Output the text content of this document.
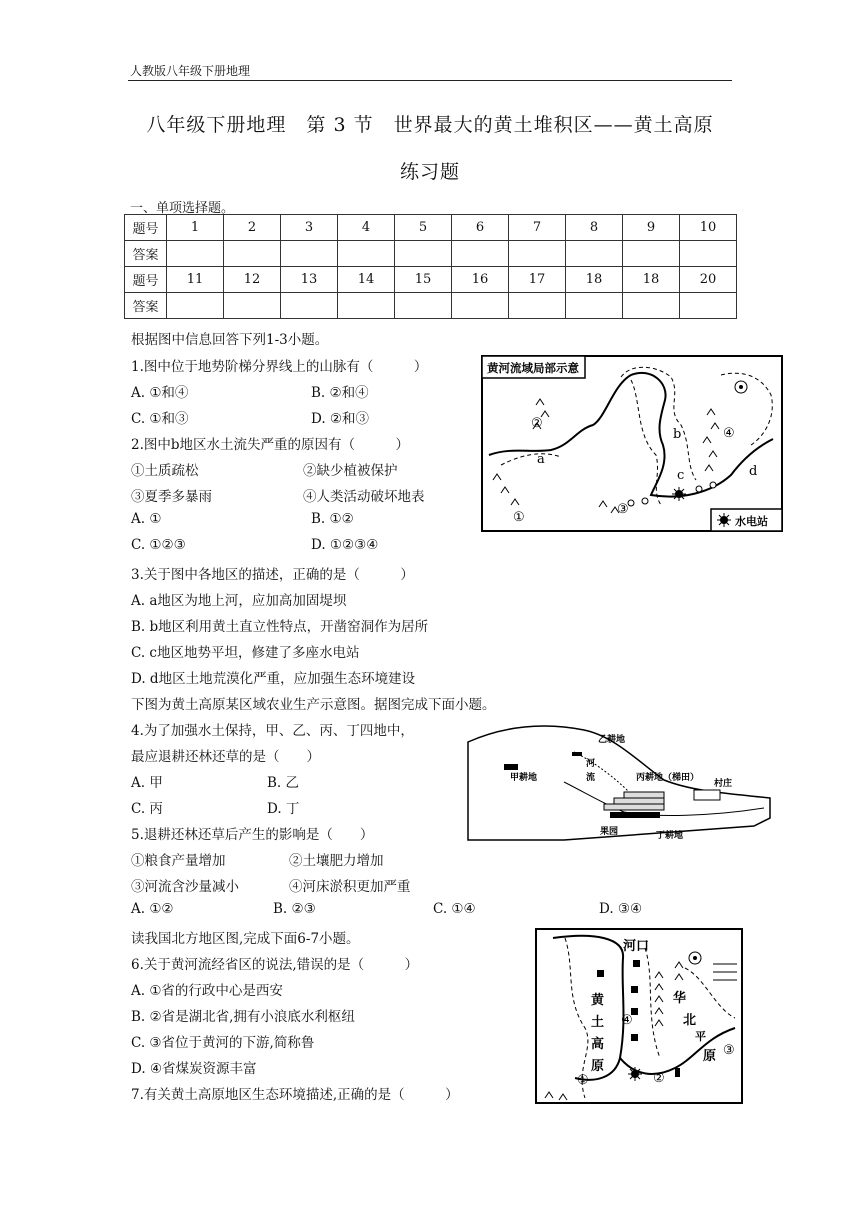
人教版八年级下册地理
八年级下册地理　第 3 节　世界最大的黄土堆积区——黄土高原
练习题
一、单项选择题。
题号	1	2	3	4	5	6	7	8	9	10
答案										
题号	11	12	13	14	15	16	17	18	18	20
答案										
根据图中信息回答下列1-3小题。
1.图中位于地势阶梯分界线上的山脉有（　　　）
A. ①和④	B. ②和④
C. ①和③	D. ②和③
2.图中b地区水土流失严重的原因有（　　　）
①土质疏松	②缺少植被保护
③夏季多暴雨	④人类活动破坏地表
A. ①	B. ①②
C. ①②③	D. ①②③④
3.关于图中各地区的描述，正确的是（　　　）
A. a地区为地上河，应加高加固堤坝
B. b地区利用黄土直立性特点，开凿窑洞作为居所
C. c地区地势平坦，修建了多座水电站
D. d地区土地荒漠化严重，应加强生态环境建设
下图为黄土高原某区域农业生产示意图。据图完成下面小题。
4.为了加强水土保持，甲、乙、丙、丁四地中，
最应退耕还林还草的是（　　）
A. 甲	B. 乙
C. 丙	D. 丁
5.退耕还林还草后产生的影响是（　　）
①粮食产量增加	②土壤肥力增加
③河流含沙量减小	④河床淤积更加严重
A. ①②	B. ②③	C. ①④	D. ③④
读我国北方地区图,完成下面6-7小题。
6.关于黄河流经省区的说法,错误的是（　　　）
A. ①省的行政中心是西安
B. ②省是湖北省,拥有小浪底水利枢纽
C. ③省位于黄河的下游,简称鲁
D. ④省煤炭资源丰富
7.有关黄土高原地区生态环境描述,正确的是（　　　）
黄河流域局部示意
a
b
c	d
①
②
③
④
水电站
乙耕地
甲耕地
河
流	丙耕地（梯田）
村庄
果园	丁耕地
河口
黄
土
高
原
华
北
平
原
①	②
③
④
